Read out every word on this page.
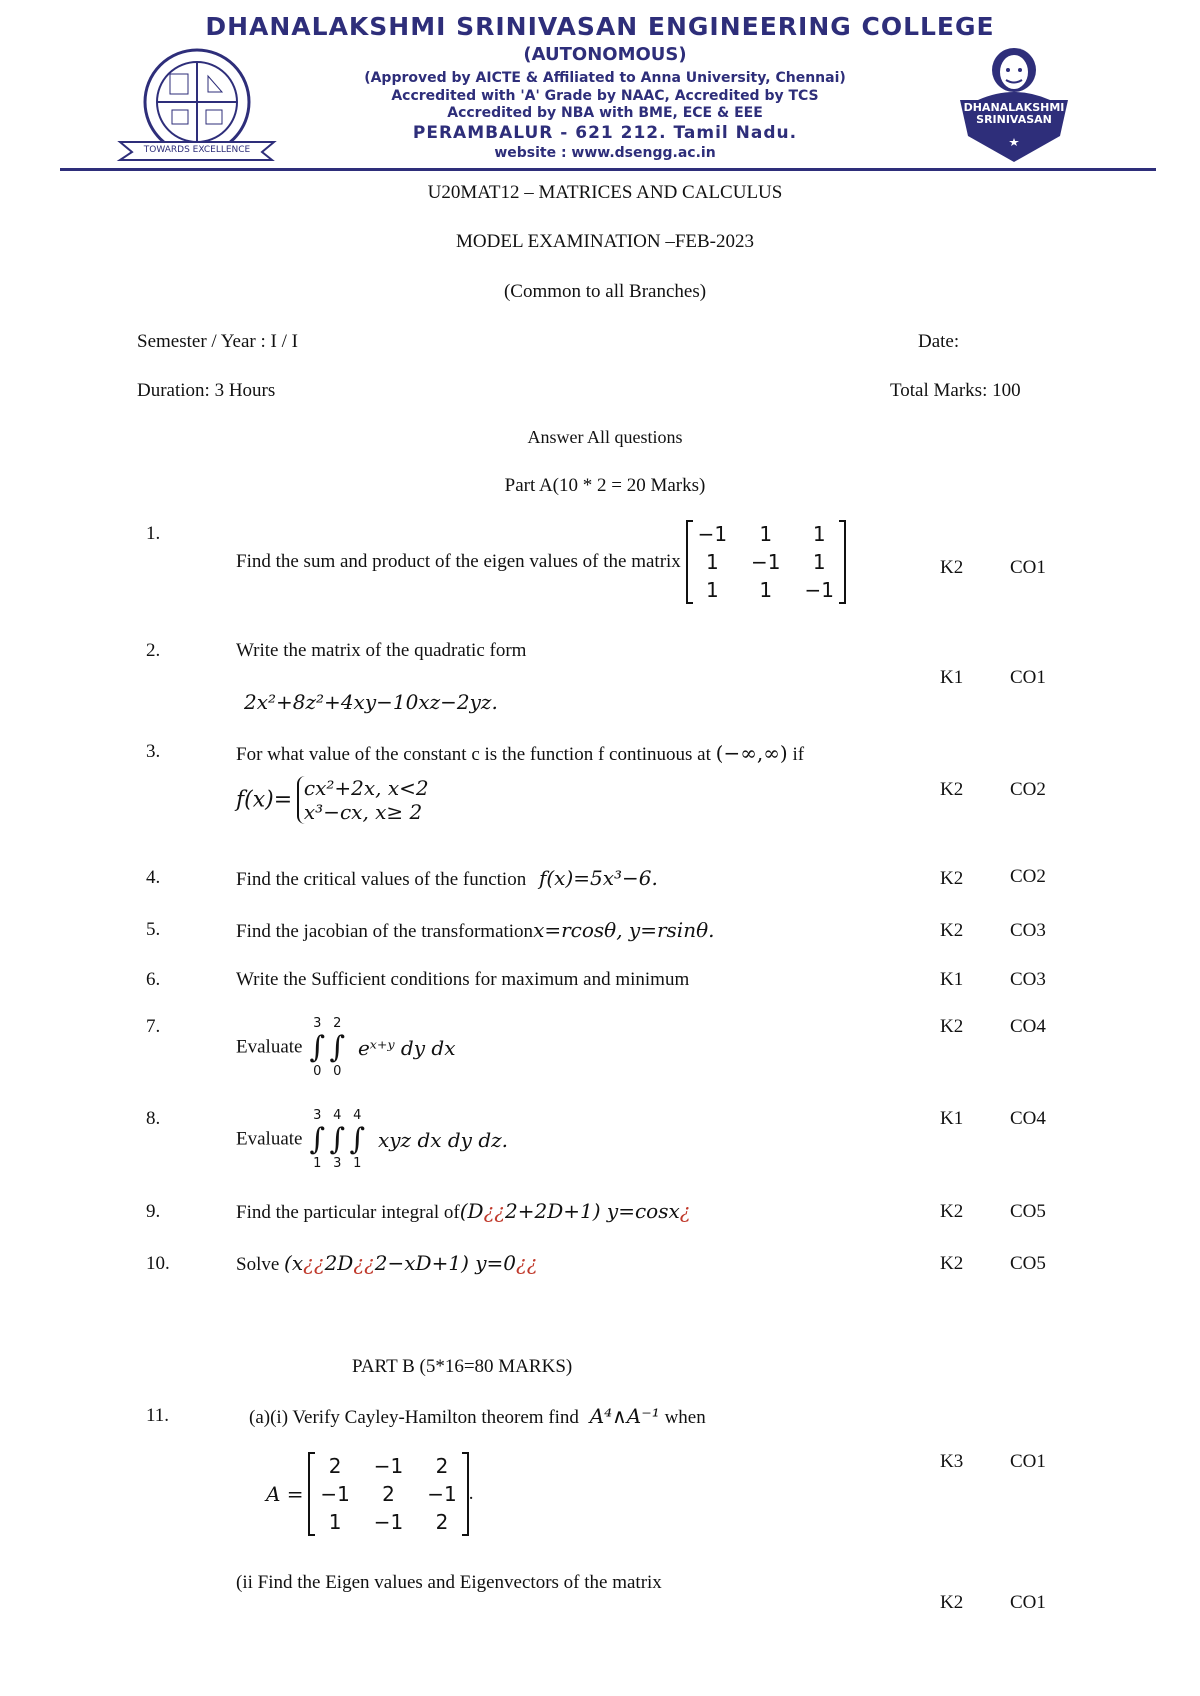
TOWARDS EXCELLENCE
DHANALAKSHMI SRINIVASAN
DHANALAKSHMI SRINIVASAN ENGINEERING COLLEGE
(AUTONOMOUS)
(Approved by AICTE & Affiliated to Anna University, Chennai)
Accredited with 'A' Grade by NAAC, Accredited by TCS
Accredited by NBA with BME, ECE & EEE
PERAMBALUR - 621 212. Tamil Nadu.
website : www.dsengg.ac.in
U20MAT12 – MATRICES AND CALCULUS
MODEL EXAMINATION –FEB-2023
(Common to all Branches)
Semester / Year : I / I	Date:
Duration: 3 Hours	Total Marks: 100
Answer All questions
Part A(10 * 2 = 20 Marks)
1.
Find the sum and product of the eigen values of the matrix
−1	1	1
1	−1	1
1	1	−1
K2 CO1
2.	Write the matrix of the quadratic form
2x²+8z²+4xy−10xz−2yz.
K1 CO1
3.	For what value of the constant c is the function f continuous at (−∞,∞) if
f(x)= cx²+2x, x<2
x³−cx, x≥ 2
K2 CO2
4.	Find the critical values of the function f(x)=5x³−6.	K2 CO2
5.	Find the jacobian of the transformationx=rcosθ, y=rsinθ.	K2 CO3
6.	Write the Sufficient conditions for maximum and minimum	K1 CO3
7.
Evaluate ∫
3
0
∫
2
0
eˣ⁺ʸ dy dx
K2 CO4
8.
Evaluate ∫
3
1
∫
4
3
∫
4
1
xyz dx dy dz.
K1 CO4
9.	Find the particular integral of(D¿¿2+2D+1) y=cosx¿	K2 CO5
10.	Solve (x¿¿2D¿¿2−xD+1) y=0¿¿	K2 CO5
PART B (5*16=80 MARKS)
11.	(a)(i) Verify Cayley-Hamilton theorem find A⁴∧A⁻¹ when
A =
2	−1	2
−1	2	−1
1	−1	2
.
K3 CO1
(ii Find the Eigen values and Eigenvectors of the matrix
K2 CO1
